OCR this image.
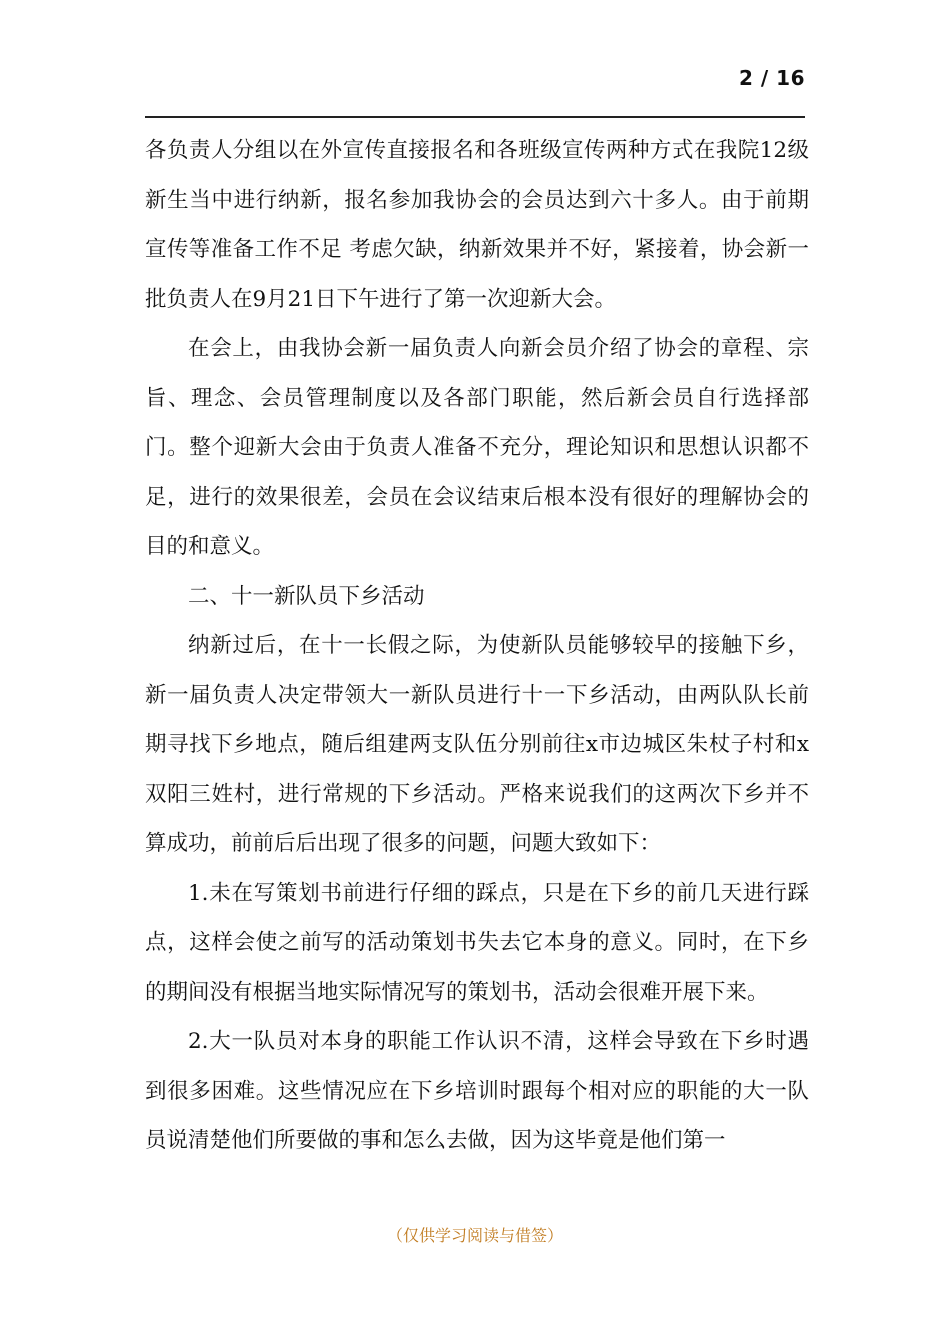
2 / 16

各负责人分组以在外宣传直接报名和各班级宣传两种方式在我院12级新生当中进行纳新，报名参加我协会的会员达到六十多人。由于前期宣传等准备工作不足 考虑欠缺，纳新效果并不好，紧接着，协会新一批负责人在9月21日下午进行了第一次迎新大会。

在会上，由我协会新一届负责人向新会员介绍了协会的章程、宗旨、理念、会员管理制度以及各部门职能，然后新会员自行选择部门。整个迎新大会由于负责人准备不充分，理论知识和思想认识都不足，进行的效果很差，会员在会议结束后根本没有很好的理解协会的目的和意义。

二、十一新队员下乡活动

纳新过后，在十一长假之际，为使新队员能够较早的接触下乡，新一届负责人决定带领大一新队员进行十一下乡活动，由两队队长前期寻找下乡地点，随后组建两支队伍分别前往x市边城区朱杖子村和x双阳三姓村，进行常规的下乡活动。严格来说我们的这两次下乡并不算成功，前前后后出现了很多的问题，问题大致如下：

1.未在写策划书前进行仔细的踩点，只是在下乡的前几天进行踩点，这样会使之前写的活动策划书失去它本身的意义。同时，在下乡的期间没有根据当地实际情况写的策划书，活动会很难开展下来。

2.大一队员对本身的职能工作认识不清，这样会导致在下乡时遇到很多困难。这些情况应在下乡培训时跟每个相对应的职能的大一队员说清楚他们所要做的事和怎么去做，因为这毕竟是他们第一

（仅供学习阅读与借签）
